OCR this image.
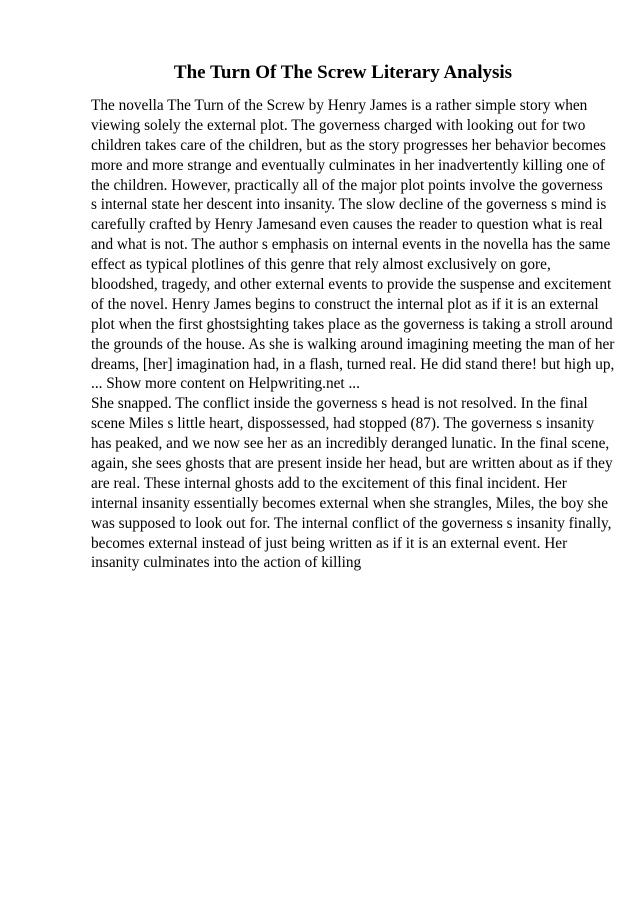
The Turn Of The Screw Literary Analysis
The novella The Turn of the Screw by Henry James is a rather simple story when
viewing solely the external plot. The governess charged with looking out for two
children takes care of the children, but as the story progresses her behavior becomes
more and more strange and eventually culminates in her inadvertently killing one of
the children. However, practically all of the major plot points involve the governess
s internal state her descent into insanity. The slow decline of the governess s mind is
carefully crafted by Henry Jamesand even causes the reader to question what is real
and what is not. The author s emphasis on internal events in the novella has the same
effect as typical plotlines of this genre that rely almost exclusively on gore,
bloodshed, tragedy, and other external events to provide the suspense and excitement
of the novel. Henry James begins to construct the internal plot as if it is an external
plot when the first ghostsighting takes place as the governess is taking a stroll around
the grounds of the house. As she is walking around imagining meeting the man of her
dreams, [her] imagination had, in a flash, turned real. He did stand there! but high up,
... Show more content on Helpwriting.net ...
She snapped. The conflict inside the governess s head is not resolved. In the final
scene Miles s little heart, dispossessed, had stopped (87). The governess s insanity
has peaked, and we now see her as an incredibly deranged lunatic. In the final scene,
again, she sees ghosts that are present inside her head, but are written about as if they
are real. These internal ghosts add to the excitement of this final incident. Her
internal insanity essentially becomes external when she strangles, Miles, the boy she
was supposed to look out for. The internal conflict of the governess s insanity finally,
becomes external instead of just being written as if it is an external event. Her
insanity culminates into the action of killing
